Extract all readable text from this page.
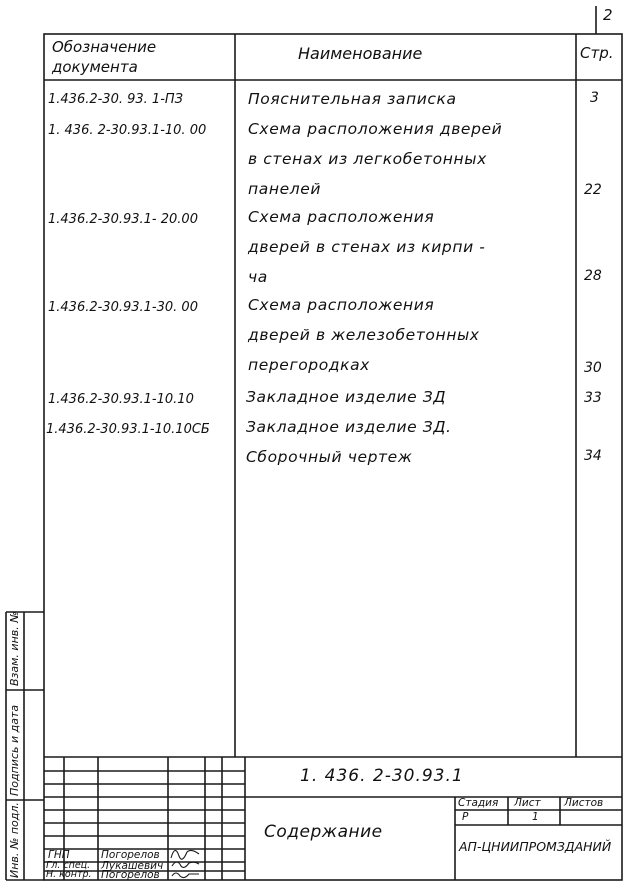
2
Обозначение
документа
Наименование	Стр.
1.436.2-30. 93. 1-ПЗ	Пояснительная записка	3
1. 436. 2-30.93.1-10. 00	Схема расположения дверей
в стенах из легкобетонных
панелей	22
1.436.2-30.93.1- 20.00	Схема расположения
дверей в стенах из кирпи -
ча	28
1.436.2-30.93.1-30. 00	Схема расположения
дверей в железобетонных
перегородках	30
1.436.2-30.93.1-10.10	Закладное изделие ЗД	33
1.436.2-30.93.1-10.10СБ Закладное изделие ЗД.
Сборочный чертеж	34
Инв. № подл.
Подпись и дата
Взам. инв. №
1. 436. 2-30.93.1
Содержание
Стадия Лист Листов
Р	1
АП-ЦНИИПРОМЗДАНИЙ
ГНП	Погорелов
Гл. спец. Лукашевич
Н. контр. Погорелов
